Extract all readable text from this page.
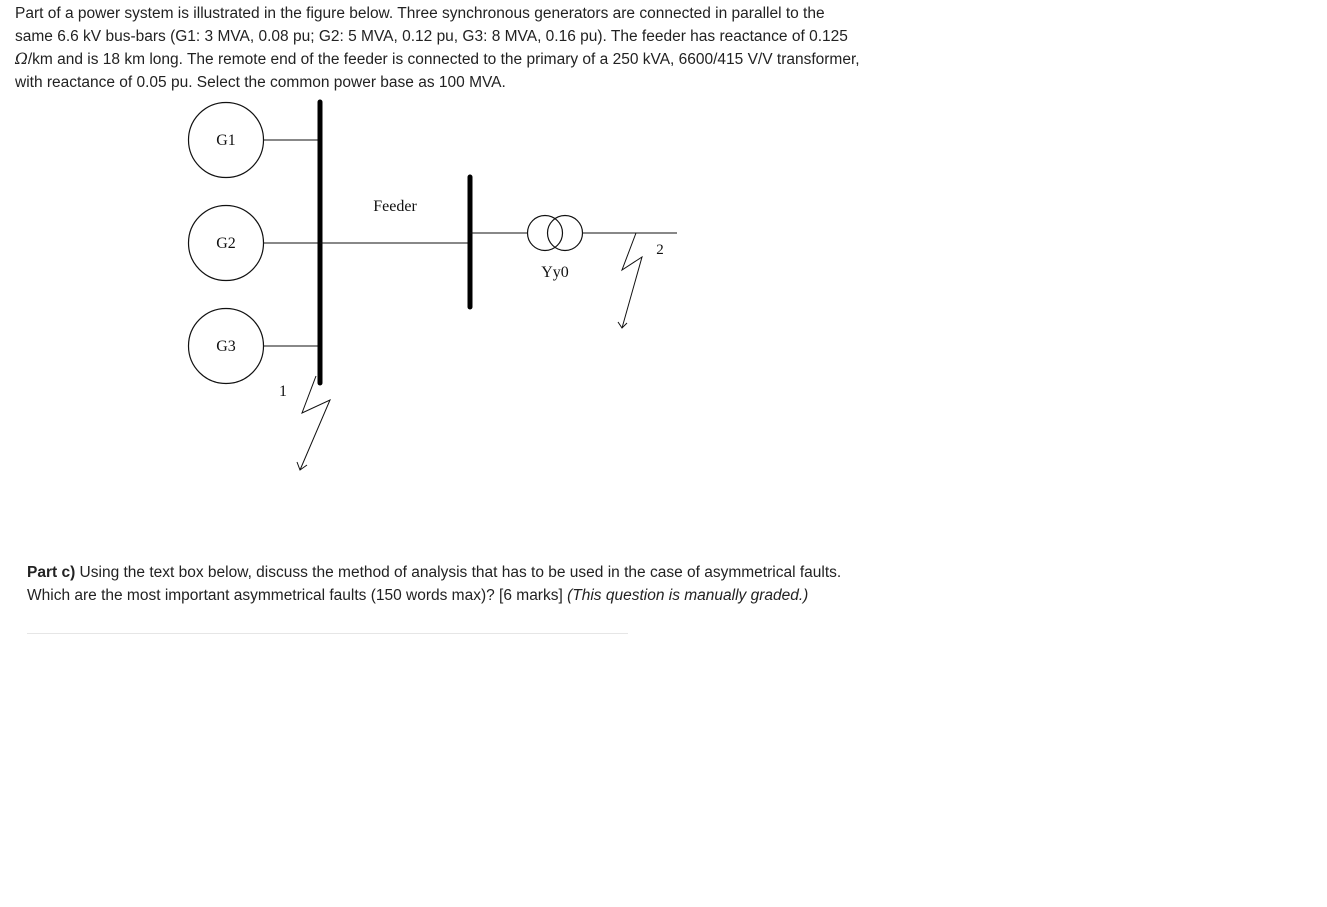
Part of a power system is illustrated in the figure below. Three synchronous generators are connected in parallel to the same 6.6 kV bus-bars (G1: 3 MVA, 0.08 pu; G2: 5 MVA, 0.12 pu, G3: 8 MVA, 0.16 pu). The feeder has reactance of 0.125 Ω/km and is 18 km long. The remote end of the feeder is connected to the primary of a 250 kVA, 6600/415 V/V transformer, with reactance of 0.05 pu. Select the common power base as 100 MVA.

G1
G2
G3
Feeder
Yy0
2
1

Part c) Using the text box below, discuss the method of analysis that has to be used in the case of asymmetrical faults. Which are the most important asymmetrical faults (150 words max)? [6 marks] (This question is manually graded.)
